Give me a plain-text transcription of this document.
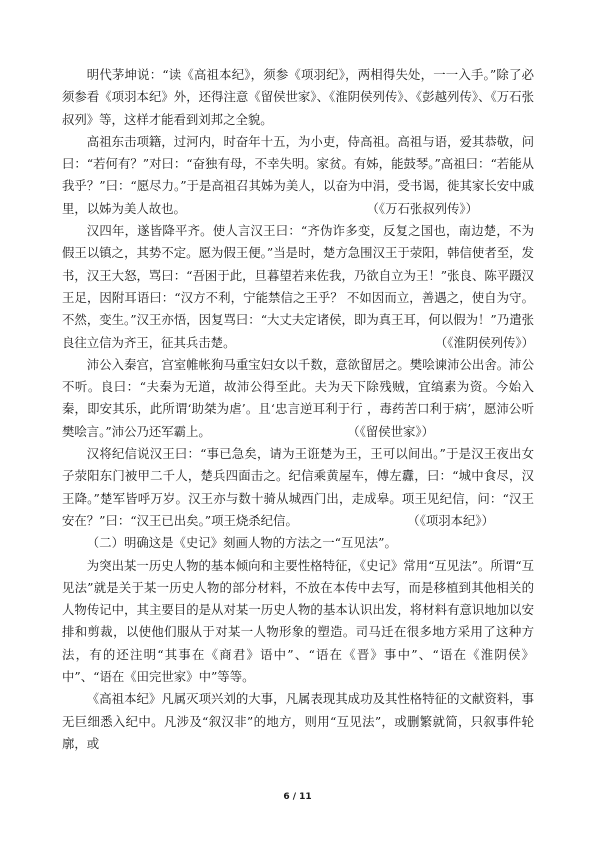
明代茅坤说：“读《高祖本纪》，须参《项羽纪》，两相得失处，一一入手。”除了必须参看《项羽本纪》外，还得注意《留侯世家》、《淮阴侯列传》、《彭越列传》、《万石张叔列》等，这样才能看到刘邦之全貌。

高祖东击项籍，过河内，时奋年十五，为小吏，侍高祖。高祖与语，爱其恭敬，问曰：“若何有？”对曰：“奋独有母，不幸失明。家贫。有姊，能鼓琴。”高祖曰：“若能从我乎？”曰：“愿尽力。”于是高祖召其姊为美人，以奋为中涓，受书谒，徙其家长安中戚里，以姊为美人故也。	（《万石张叔列传》）

汉四年，遂皆降平齐。使人言汉王曰：“齐伪诈多变，反复之国也，南边楚，不为假王以镇之，其势不定。愿为假王便。”当是时，楚方急围汉王于荥阳，韩信使者至，发书，汉王大怒，骂曰：“吾困于此，旦暮望若来佐我，乃欲自立为王！”张良、陈平蹑汉王足，因附耳语曰：“汉方不利，宁能禁信之王乎？ 不如因而立，善遇之，使自为守。不然，变生。”汉王亦悟，因复骂曰：“大丈夫定诸侯，即为真王耳，何以假为！”乃遣张良往立信为齐王，征其兵击楚。	（《淮阴侯列传》）

沛公入秦宫，宫室帷帐狗马重宝妇女以千数，意欲留居之。樊哙谏沛公出舍。沛公不听。良曰：“夫秦为无道，故沛公得至此。夫为天下除残贼，宜缟素为资。今始入秦，即安其乐，此所谓‘助桀为虐’。且‘忠言逆耳利于行 ，毒药苦口利于病’，愿沛公听樊哙言。”沛公乃还军霸上。	（《留侯世家》）

汉将纪信说汉王曰：“事已急矣，请为王诳楚为王，王可以间出。”于是汉王夜出女子荥阳东门被甲二千人，楚兵四面击之。纪信乘黄屋车，傅左纛，曰：“城中食尽，汉王降。”楚军皆呼万岁。汉王亦与数十骑从城西门出，走成皋。项王见纪信，问：“汉王安在？”曰：“汉王已出矣。”项王烧杀纪信。	（《项羽本纪》）

（二）明确这是《史记》刻画人物的方法之一“互见法”。

为突出某一历史人物的基本倾向和主要性格特征，《史记》常用“互见法”。所谓“互见法”就是关于某一历史人物的部分材料，不放在本传中去写，而是移植到其他相关的人物传记中，其主要目的是从对某一历史人物的基本认识出发，将材料有意识地加以安排和剪裁，以使他们服从于对某一人物形象的塑造。司马迁在很多地方采用了这种方法，有的还注明“其事在《商君》语中”、“语在《晋》事中”、“语在《淮阴侯》中”、“语在《田完世家》中”等等。

《高祖本纪》凡属灭项兴刘的大事，凡属表现其成功及其性格特征的文献资料，事无巨细悉入纪中。凡涉及“叙汉非”的地方，则用“互见法”，或删繁就简，只叙事件轮廓，或

6 / 11
